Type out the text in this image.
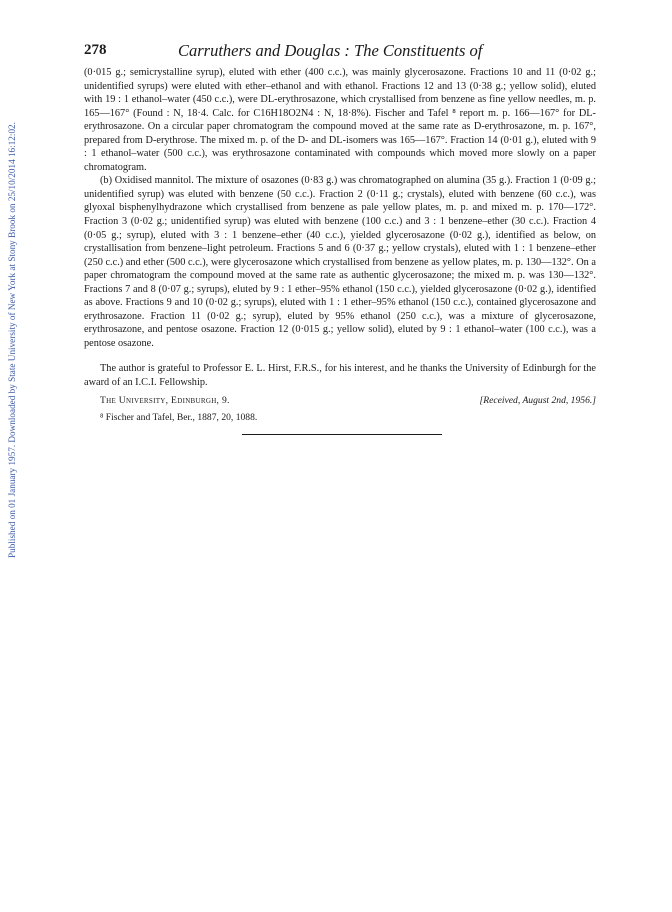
Published on 01 January 1957. Downloaded by State University of New York at Stony Brook on 25/10/2014 16:12:02.
278	Carruthers and Douglas : The Constituents of

(0·015 g.; semicrystalline syrup), eluted with ether (400 c.c.), was mainly glycerosazone. Fractions 10 and 11 (0·02 g.; unidentified syrups) were eluted with ether–ethanol and with ethanol. Fractions 12 and 13 (0·38 g.; yellow solid), eluted with 19 : 1 ethanol–water (450 c.c.), were DL-erythrosazone, which crystallised from benzene as fine yellow needles, m. p. 165—167° (Found : N, 18·4. Calc. for C16H18O2N4 : N, 18·8%). Fischer and Tafel ⁸ report m. p. 166—167° for DL-erythrosazone. On a circular paper chromatogram the compound moved at the same rate as D-erythrosazone, m. p. 167°, prepared from D-erythrose. The mixed m. p. of the D- and DL-isomers was 165—167°. Fraction 14 (0·01 g.), eluted with 9 : 1 ethanol–water (500 c.c.), was erythrosazone contaminated with compounds which moved more slowly on a paper chromatogram.

(b) Oxidised mannitol. The mixture of osazones (0·83 g.) was chromatographed on alumina (35 g.). Fraction 1 (0·09 g.; unidentified syrup) was eluted with benzene (50 c.c.). Fraction 2 (0·11 g.; crystals), eluted with benzene (60 c.c.), was glyoxal bisphenylhydrazone which crystallised from benzene as pale yellow plates, m. p. and mixed m. p. 170—172°. Fraction 3 (0·02 g.; unidentified syrup) was eluted with benzene (100 c.c.) and 3 : 1 benzene–ether (30 c.c.). Fraction 4 (0·05 g.; syrup), eluted with 3 : 1 benzene–ether (40 c.c.), yielded glycerosazone (0·02 g.), identified as below, on crystallisation from benzene–light petroleum. Fractions 5 and 6 (0·37 g.; yellow crystals), eluted with 1 : 1 benzene–ether (250 c.c.) and ether (500 c.c.), were glycerosazone which crystallised from benzene as yellow plates, m. p. 130—132°. On a paper chromatogram the compound moved at the same rate as authentic glycerosazone; the mixed m. p. was 130—132°. Fractions 7 and 8 (0·07 g.; syrups), eluted by 9 : 1 ether–95% ethanol (150 c.c.), yielded glycerosazone (0·02 g.), identified as above. Fractions 9 and 10 (0·02 g.; syrups), eluted with 1 : 1 ether–95% ethanol (150 c.c.), contained glycerosazone and erythrosazone. Fraction 11 (0·02 g.; syrup), eluted by 95% ethanol (250 c.c.), was a mixture of glycerosazone, erythrosazone, and pentose osazone. Fraction 12 (0·015 g.; yellow solid), eluted by 9 : 1 ethanol–water (100 c.c.), was a pentose osazone.

The author is grateful to Professor E. L. Hirst, F.R.S., for his interest, and he thanks the University of Edinburgh for the award of an I.C.I. Fellowship.

The University, Edinburgh, 9.	[Received, August 2nd, 1956.]
⁸ Fischer and Tafel, Ber., 1887, 20, 1088.
